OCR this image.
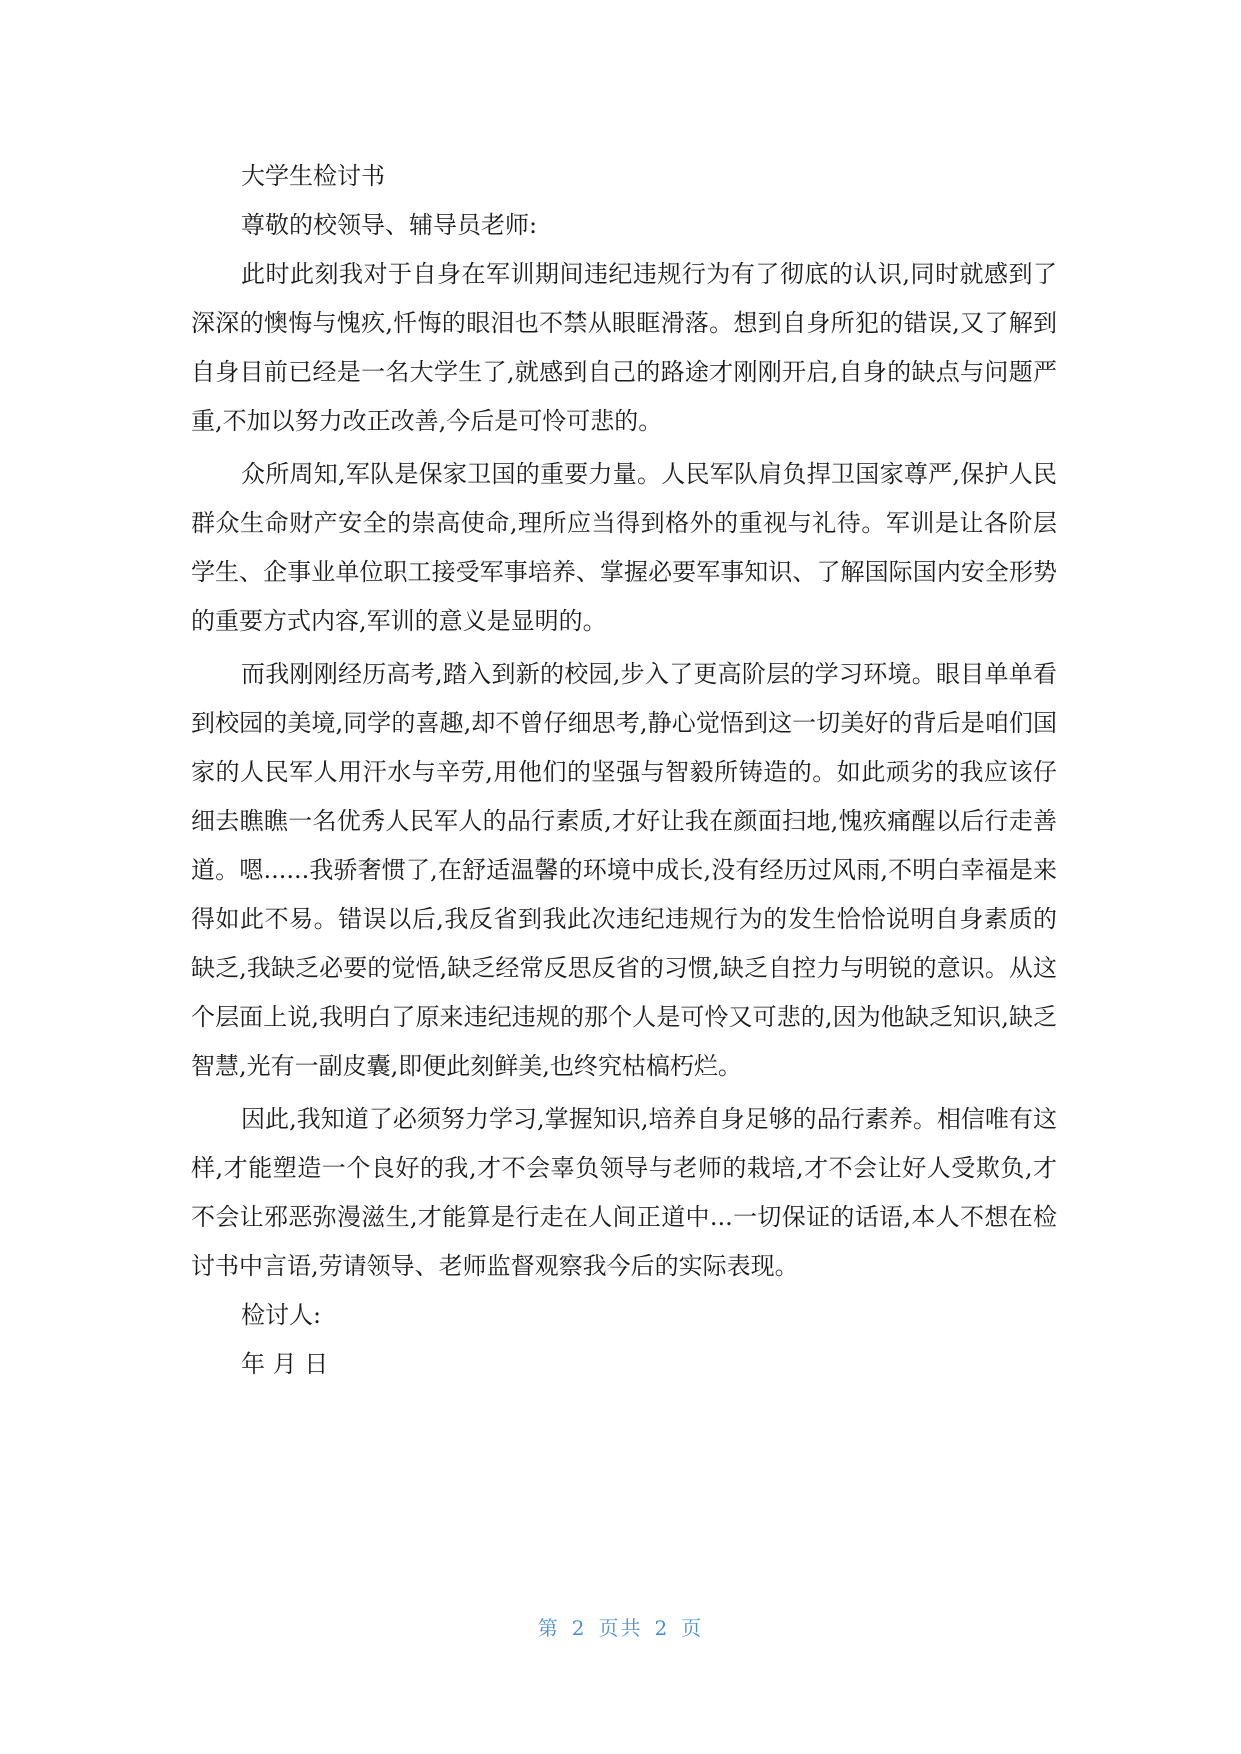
大学生检讨书

尊敬的校领导、辅导员老师:

此时此刻我对于自身在军训期间违纪违规行为有了彻底的认识,同时就感到了深深的懊悔与愧疚,忏悔的眼泪也不禁从眼眶滑落。想到自身所犯的错误,又了解到自身目前已经是一名大学生了,就感到自己的路途才刚刚开启,自身的缺点与问题严重,不加以努力改正改善,今后是可怜可悲的。

众所周知,军队是保家卫国的重要力量。人民军队肩负捍卫国家尊严,保护人民群众生命财产安全的崇高使命,理所应当得到格外的重视与礼待。军训是让各阶层学生、企事业单位职工接受军事培养、掌握必要军事知识、了解国际国内安全形势的重要方式内容,军训的意义是显明的。

而我刚刚经历高考,踏入到新的校园,步入了更高阶层的学习环境。眼目单单看到校园的美境,同学的喜趣,却不曾仔细思考,静心觉悟到这一切美好的背后是咱们国家的人民军人用汗水与辛劳,用他们的坚强与智毅所铸造的。如此顽劣的我应该仔细去瞧瞧一名优秀人民军人的品行素质,才好让我在颜面扫地,愧疚痛醒以后行走善道。嗯......我骄奢惯了,在舒适温馨的环境中成长,没有经历过风雨,不明白幸福是来得如此不易。错误以后,我反省到我此次违纪违规行为的发生恰恰说明自身素质的缺乏,我缺乏必要的觉悟,缺乏经常反思反省的习惯,缺乏自控力与明锐的意识。从这个层面上说,我明白了原来违纪违规的那个人是可怜又可悲的,因为他缺乏知识,缺乏智慧,光有一副皮囊,即便此刻鲜美,也终究枯槁朽烂。

因此,我知道了必须努力学习,掌握知识,培养自身足够的品行素养。相信唯有这样,才能塑造一个良好的我,才不会辜负领导与老师的栽培,才不会让好人受欺负,才不会让邪恶弥漫滋生,才能算是行走在人间正道中...一切保证的话语,本人不想在检讨书中言语,劳请领导、老师监督观察我今后的实际表现。

检讨人:

年 月 日

第 2 页共 2 页
